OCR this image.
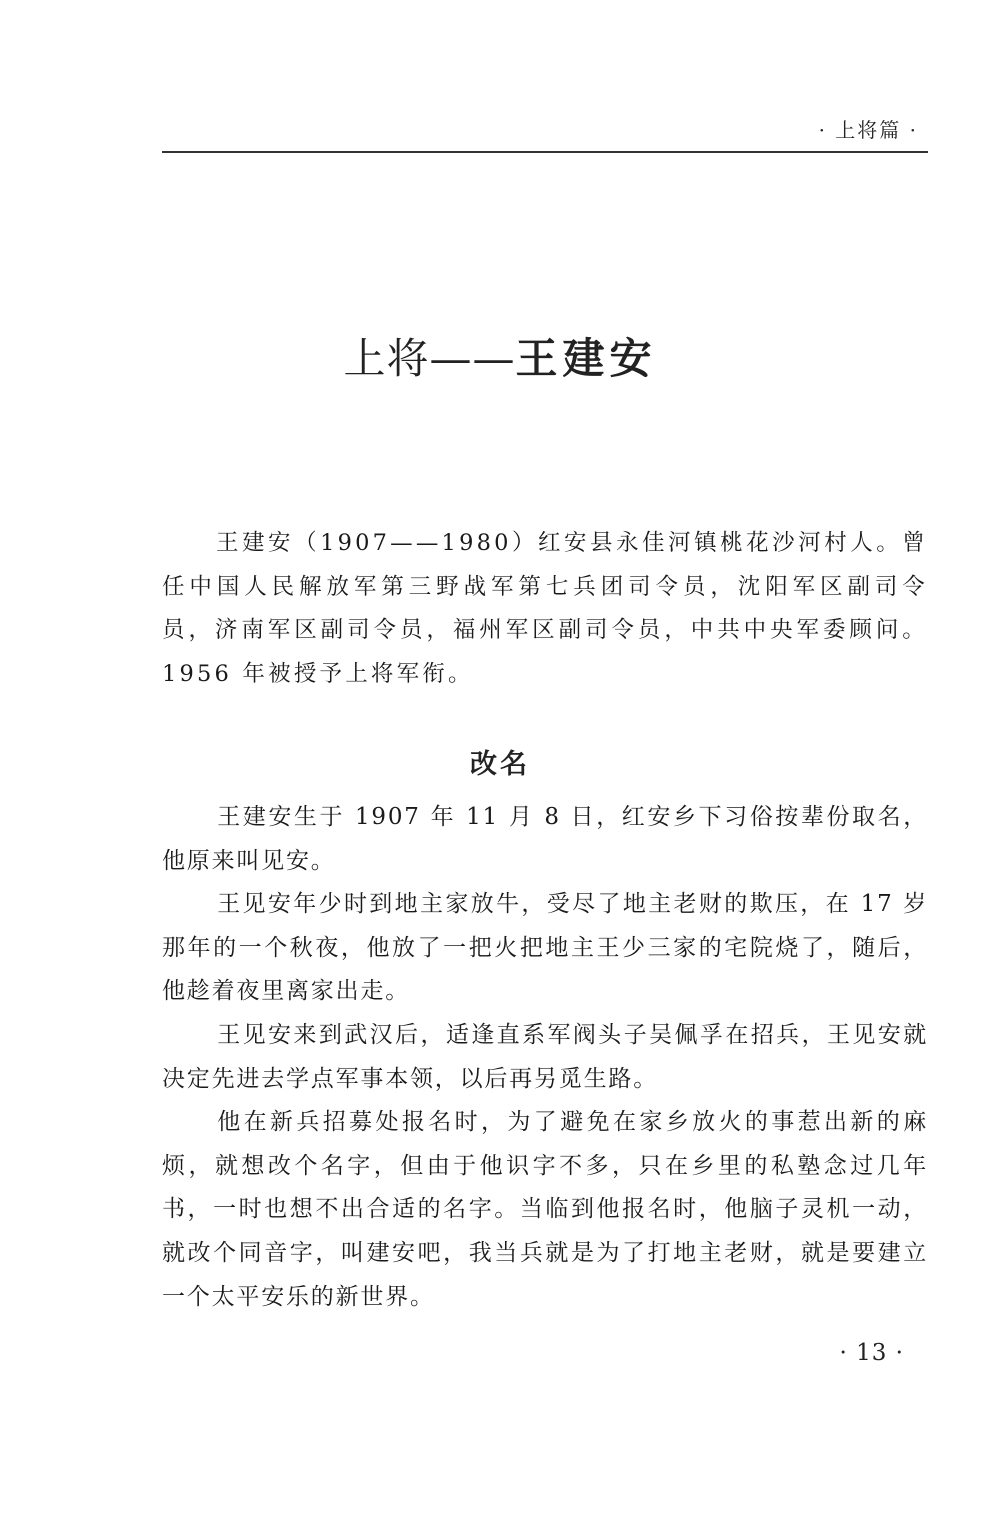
· 上将篇 ·
上将——王建安

王建安（1907——1980）红安县永佳河镇桃花沙河村人。曾任中国人民解放军第三野战军第七兵团司令员，沈阳军区副司令员，济南军区副司令员，福州军区副司令员，中共中央军委顾问。1956 年被授予上将军衔。

改名

王建安生于 1907 年 11 月 8 日，红安乡下习俗按辈份取名，他原来叫见安。

王见安年少时到地主家放牛，受尽了地主老财的欺压，在 17 岁那年的一个秋夜，他放了一把火把地主王少三家的宅院烧了，随后，他趁着夜里离家出走。

王见安来到武汉后，适逢直系军阀头子吴佩孚在招兵，王见安就决定先进去学点军事本领，以后再另觅生路。

他在新兵招募处报名时，为了避免在家乡放火的事惹出新的麻烦，就想改个名字，但由于他识字不多，只在乡里的私塾念过几年书，一时也想不出合适的名字。当临到他报名时，他脑子灵机一动，就改个同音字，叫建安吧，我当兵就是为了打地主老财，就是要建立一个太平安乐的新世界。

· 13 ·
